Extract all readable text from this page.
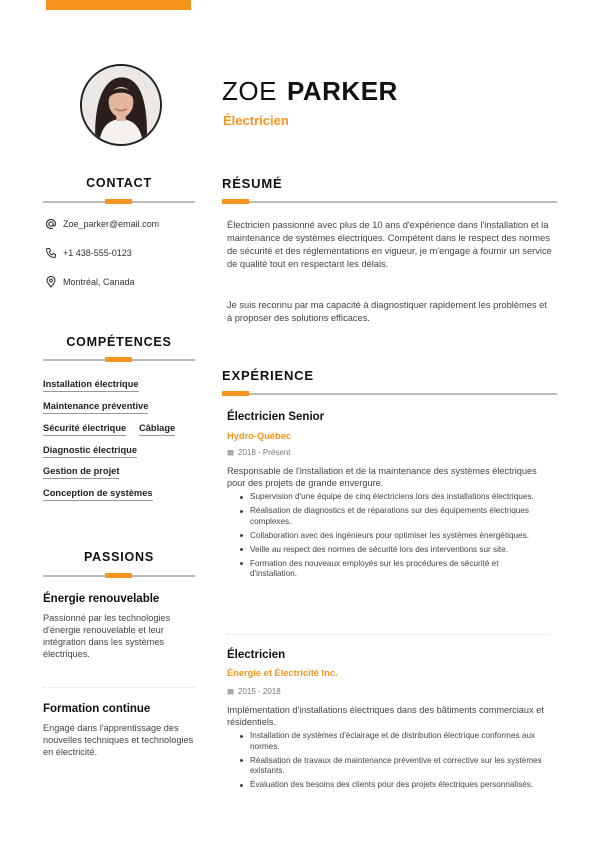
ZOE PARKER
Électricien
CONTACT
Zoe_parker@email.com
+1 438-555-0123
Montréal, Canada
COMPÉTENCES
Installation électrique
Maintenance préventive
Sécurité électrique Câblage
Diagnostic électrique
Gestion de projet
Conception de systèmes
PASSIONS
Énergie renouvelable
Passionné par les technologies d'énergie renouvelable et leur intégration dans les systèmes électriques.
Formation continue
Engagé dans l'apprentissage des nouvelles techniques et technologies en électricité.
RÉSUMÉ
Électricien passionné avec plus de 10 ans d'expérience dans l'installation et la maintenance de systèmes électriques. Compétent dans le respect des normes de sécurité et des réglementations en vigueur, je m'engage à fournir un service de qualité tout en respectant les délais.
Je suis reconnu par ma capacité à diagnostiquer rapidement les problèmes et à proposer des solutions efficaces.
EXPÉRIENCE
Électricien Senior
Hydro-Québec
2018 - Présent
Responsable de l'installation et de la maintenance des systèmes électriques pour des projets de grande envergure.
Supervision d'une équipe de cinq électriciens lors des installations électriques.
Réalisation de diagnostics et de réparations sur des équipements électriques complexes.
Collaboration avec des ingénieurs pour optimiser les systèmes énergétiques.
Veille au respect des normes de sécurité lors des interventions sur site.
Formation des nouveaux employés sur les procédures de sécurité et d'installation.
Électricien
Énergie et Électricité Inc.
2015 - 2018
Implémentation d'installations électriques dans des bâtiments commerciaux et résidentiels.
Installation de systèmes d'éclairage et de distribution électrique conformes aux normes.
Réalisation de travaux de maintenance préventive et corrective sur les systèmes existants.
Évaluation des besoins des clients pour des projets électriques personnalisés.
